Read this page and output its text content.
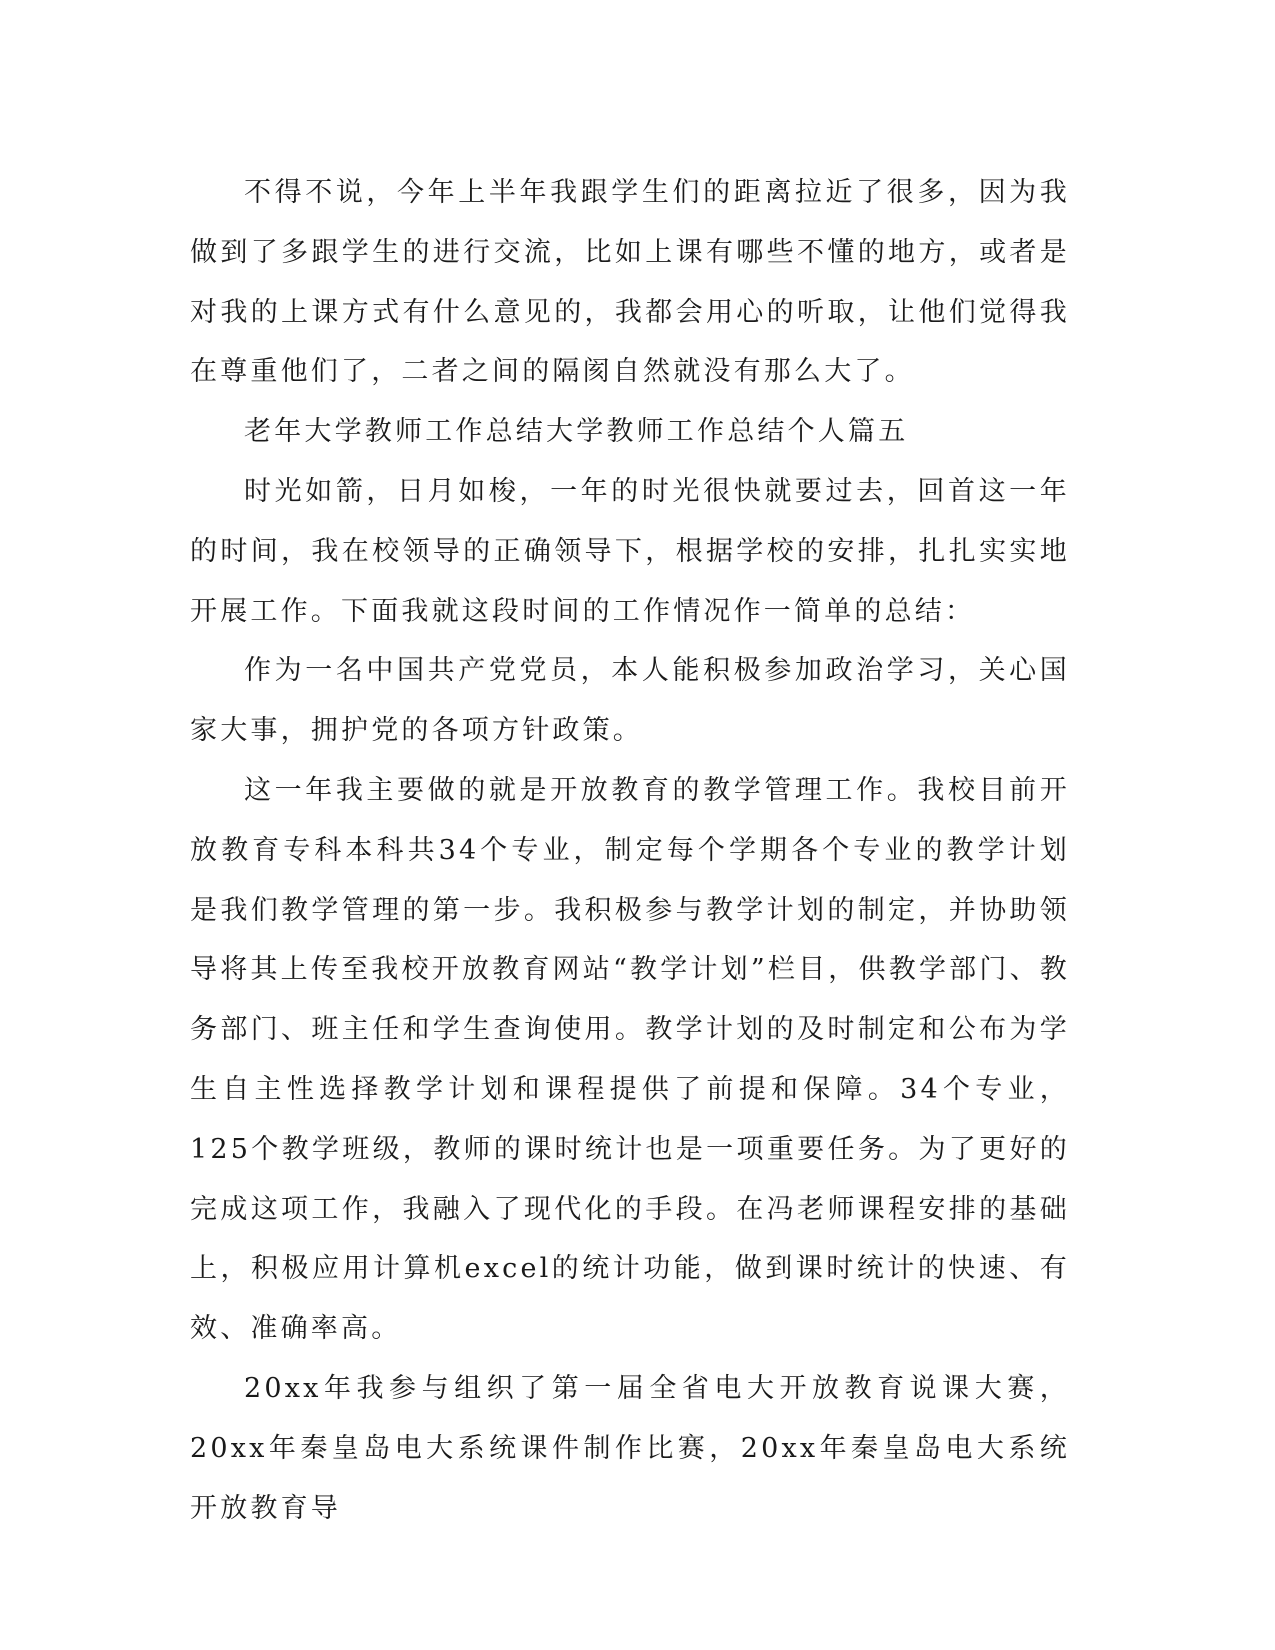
不得不说，今年上半年我跟学生们的距离拉近了很多，因为我做到了多跟学生的进行交流，比如上课有哪些不懂的地方，或者是对我的上课方式有什么意见的，我都会用心的听取，让他们觉得我在尊重他们了，二者之间的隔阂自然就没有那么大了。

老年大学教师工作总结大学教师工作总结个人篇五

时光如箭，日月如梭，一年的时光很快就要过去，回首这一年的时间，我在校领导的正确领导下，根据学校的安排，扎扎实实地开展工作。下面我就这段时间的工作情况作一简单的总结：

作为一名中国共产党党员，本人能积极参加政治学习，关心国家大事，拥护党的各项方针政策。

这一年我主要做的就是开放教育的教学管理工作。我校目前开放教育专科本科共34个专业，制定每个学期各个专业的教学计划是我们教学管理的第一步。我积极参与教学计划的制定，并协助领导将其上传至我校开放教育网站“教学计划”栏目，供教学部门、教务部门、班主任和学生查询使用。教学计划的及时制定和公布为学生自主性选择教学计划和课程提供了前提和保障。34个专业，125个教学班级，教师的课时统计也是一项重要任务。为了更好的完成这项工作，我融入了现代化的手段。在冯老师课程安排的基础上，积极应用计算机excel的统计功能，做到课时统计的快速、有效、准确率高。

20xx年我参与组织了第一届全省电大开放教育说课大赛，20xx年秦皇岛电大系统课件制作比赛，20xx年秦皇岛电大系统开放教育导
